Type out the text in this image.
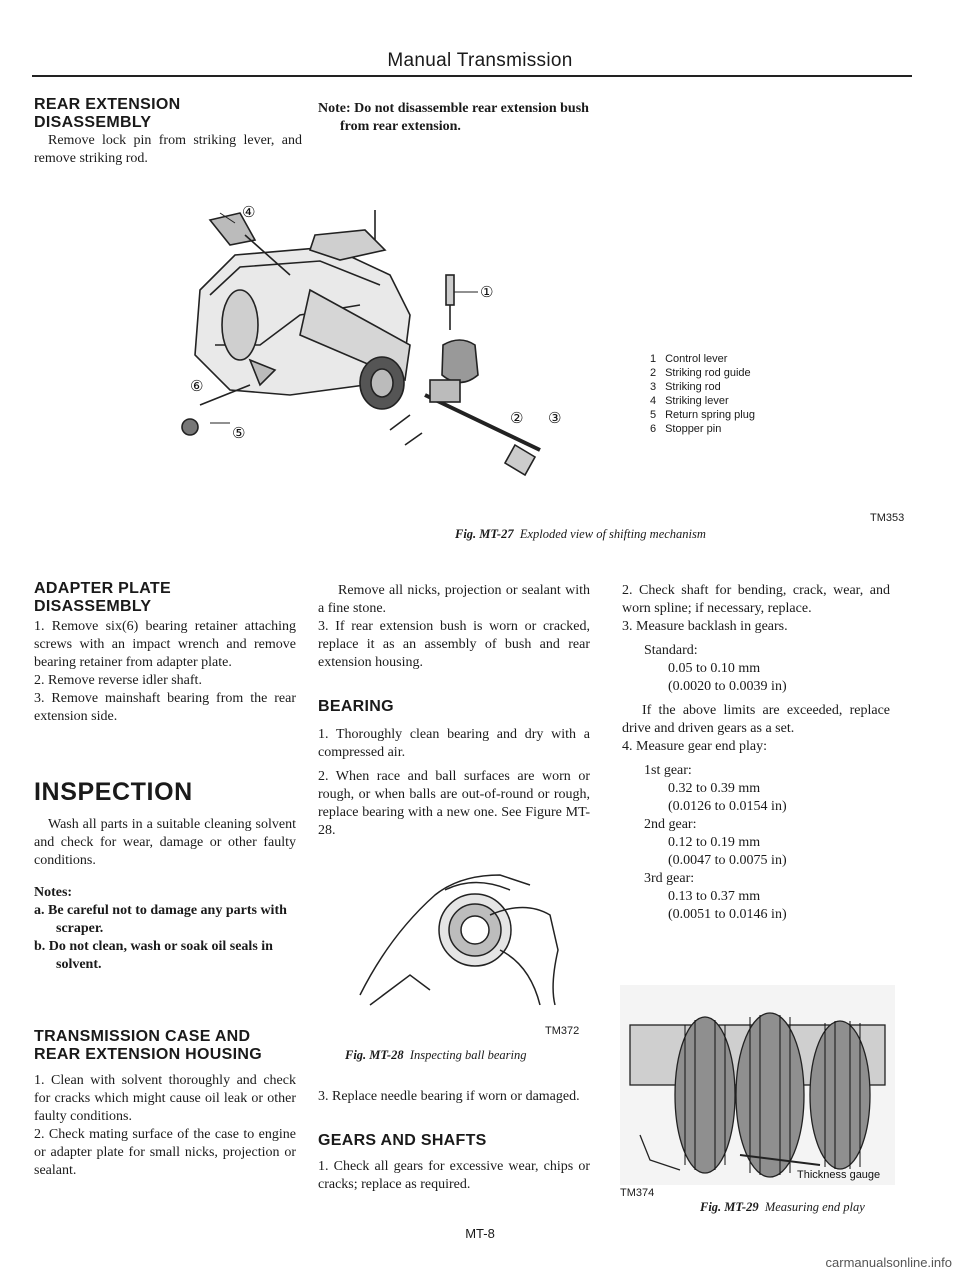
Manual Transmission
REAR EXTENSION
DISASSEMBLY

Remove lock pin from striking lever, and remove striking rod.

Note: Do not disassemble rear extension bush from rear extension.

④
①
⑥
⑤
② ③

1 Control lever

2 Striking rod guide

3 Striking rod

4 Striking lever

5 Return spring plug

6 Stopper pin

TM353
Fig. MT-27 Exploded view of shifting mechanism
ADAPTER PLATE
DISASSEMBLY

1. Remove six(6) bearing retainer attaching screws with an impact wrench and remove bearing retainer from adapter plate.

2. Remove reverse idler shaft.

3. Remove mainshaft bearing from the rear extension side.

INSPECTION

Wash all parts in a suitable cleaning solvent and check for wear, damage or other faulty conditions.

Notes:

a. Be careful not to damage any parts with scraper.

b. Do not clean, wash or soak oil seals in solvent.

TRANSMISSION CASE AND
REAR EXTENSION HOUSING

1. Clean with solvent thoroughly and check for cracks which might cause oil leak or other faulty conditions.

2. Check mating surface of the case to engine or adapter plate for small nicks, projection or sealant.

Remove all nicks, projection or sealant with a fine stone.

3. If rear extension bush is worn or cracked, replace it as an assembly of bush and rear extension housing.

BEARING

1. Thoroughly clean bearing and dry with a compressed air.

2. When race and ball surfaces are worn or rough, or when balls are out-of-round or rough, replace bearing with a new one. See Figure MT-28.

TM372
Fig. MT-28 Inspecting ball bearing

3. Replace needle bearing if worn or damaged.

GEARS AND SHAFTS

1. Check all gears for excessive wear, chips or cracks; replace as required.

2. Check shaft for bending, crack, wear, and worn spline; if necessary, replace.

3. Measure backlash in gears.

Standard:

0.05 to 0.10 mm

(0.0020 to 0.0039 in)

If the above limits are exceeded, replace drive and driven gears as a set.

4. Measure gear end play:

1st gear:

0.32 to 0.39 mm

(0.0126 to 0.0154 in)

2nd gear:

0.12 to 0.19 mm

(0.0047 to 0.0075 in)

3rd gear:

0.13 to 0.37 mm

(0.0051 to 0.0146 in)

Thickness gauge
TM374
Fig. MT-29 Measuring end play
MT-8
carmanualsonline.info
